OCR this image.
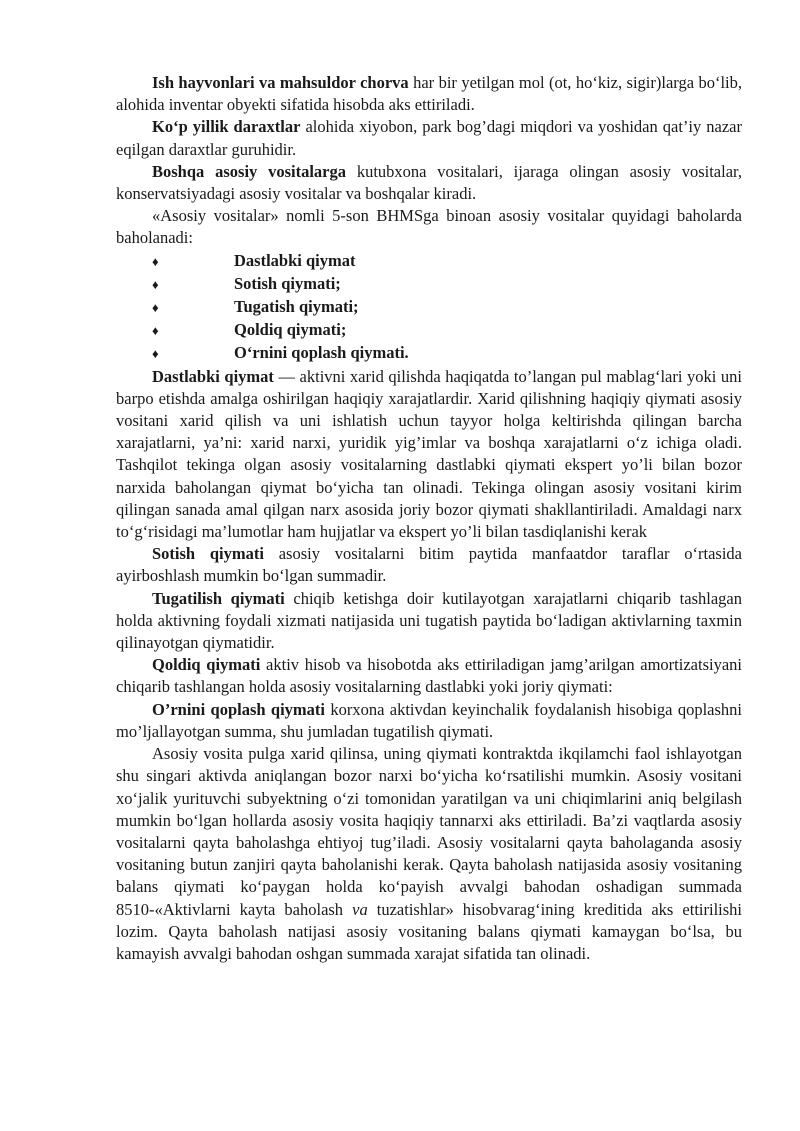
Ish hayvonlari va mahsuldor chorva har bir yetilgan mol (ot, ho‘kiz, sigir)larga bo‘lib, alohida inventar obyekti sifatida hisobda aks ettiriladi.

Ko‘p yillik daraxtlar alohida xiyobon, park bog’dagi miqdori va yoshidan qat’iy nazar eqilgan daraxtlar guruhidir.

Boshqa asosiy vositalarga kutubxona vositalari, ijaraga olingan asosiy vositalar, konservatsiyadagi asosiy vositalar va boshqalar kiradi.

«Asosiy vositalar» nomli 5-son BHMSga binoan asosiy vositalar quyidagi baholarda baholanadi:

♦	Dastlabki qiymat
♦	Sotish qiymati;
♦	Tugatish qiymati;
♦	Qoldiq qiymati;
♦	O‘rnini qoplash qiymati.

Dastlabki qiymat — aktivni xarid qilishda haqiqatda to’langan pul mablag‘lari yoki uni barpo etishda amalga oshirilgan haqiqiy xarajatlardir. Xarid qilishning haqiqiy qiymati asosiy vositani xarid qilish va uni ishlatish uchun tayyor holga keltirishda qilingan barcha xarajatlarni, ya’ni: xarid narxi, yuridik yig’imlar va boshqa xarajatlarni o‘z ichiga oladi. Tashqilot tekinga olgan asosiy vositalarning dastlabki qiymati ekspert yo’li bilan bozor narxida baholangan qiymat bo‘yicha tan olinadi. Tekinga olingan asosiy vositani kirim qilingan sanada amal qilgan narx asosida joriy bozor qiymati shakllantiriladi. Amaldagi narx to‘g‘risidagi ma’lumotlar ham hujjatlar va ekspert yo’li bilan tasdiqlanishi kerak

Sotish qiymati asosiy vositalarni bitim paytida manfaatdor taraflar o‘rtasida ayirboshlash mumkin bo‘lgan summadir.

Tugatilish qiymati chiqib ketishga doir kutilayotgan xarajatlarni chiqarib tashlagan holda aktivning foydali xizmati natijasida uni tugatish paytida bo‘ladigan aktivlarning taxmin qilinayotgan qiymatidir.

Qoldiq qiymati aktiv hisob va hisobotda aks ettiriladigan jamg’arilgan amortizatsiyani chiqarib tashlangan holda asosiy vositalarning dastlabki yoki joriy qiymati:

O’rnini qoplash qiymati korxona aktivdan keyinchalik foydalanish hisobiga qoplashni mo’ljallayotgan summa, shu jumladan tugatilish qiymati.

Asosiy vosita pulga xarid qilinsa, uning qiymati kontraktda ikqilamchi faol ishlayotgan shu singari aktivda aniqlangan bozor narxi bo‘yicha ko‘rsatilishi mumkin. Asosiy vositani xo‘jalik yurituvchi subyektning o‘zi tomonidan yaratilgan va uni chiqimlarini aniq belgilash mumkin bo‘lgan hollarda asosiy vosita haqiqiy tannarxi aks ettiriladi. Ba’zi vaqtlarda asosiy vositalarni qayta baholashga ehtiyoj tug’iladi. Asosiy vositalarni qayta baholaganda asosiy vositaning butun zanjiri qayta baholanishi kerak. Qayta baholash natijasida asosiy vositaning balans qiymati ko‘paygan holda ko‘payish avvalgi bahodan oshadigan summada 8510-«Aktivlarni kayta baholash va tuzatishlar» hisobvarag‘ining kreditida aks ettirilishi lozim. Qayta baholash natijasi asosiy vositaning balans qiymati kamaygan bo‘lsa, bu kamayish avvalgi bahodan oshgan summada xarajat sifatida tan olinadi.
